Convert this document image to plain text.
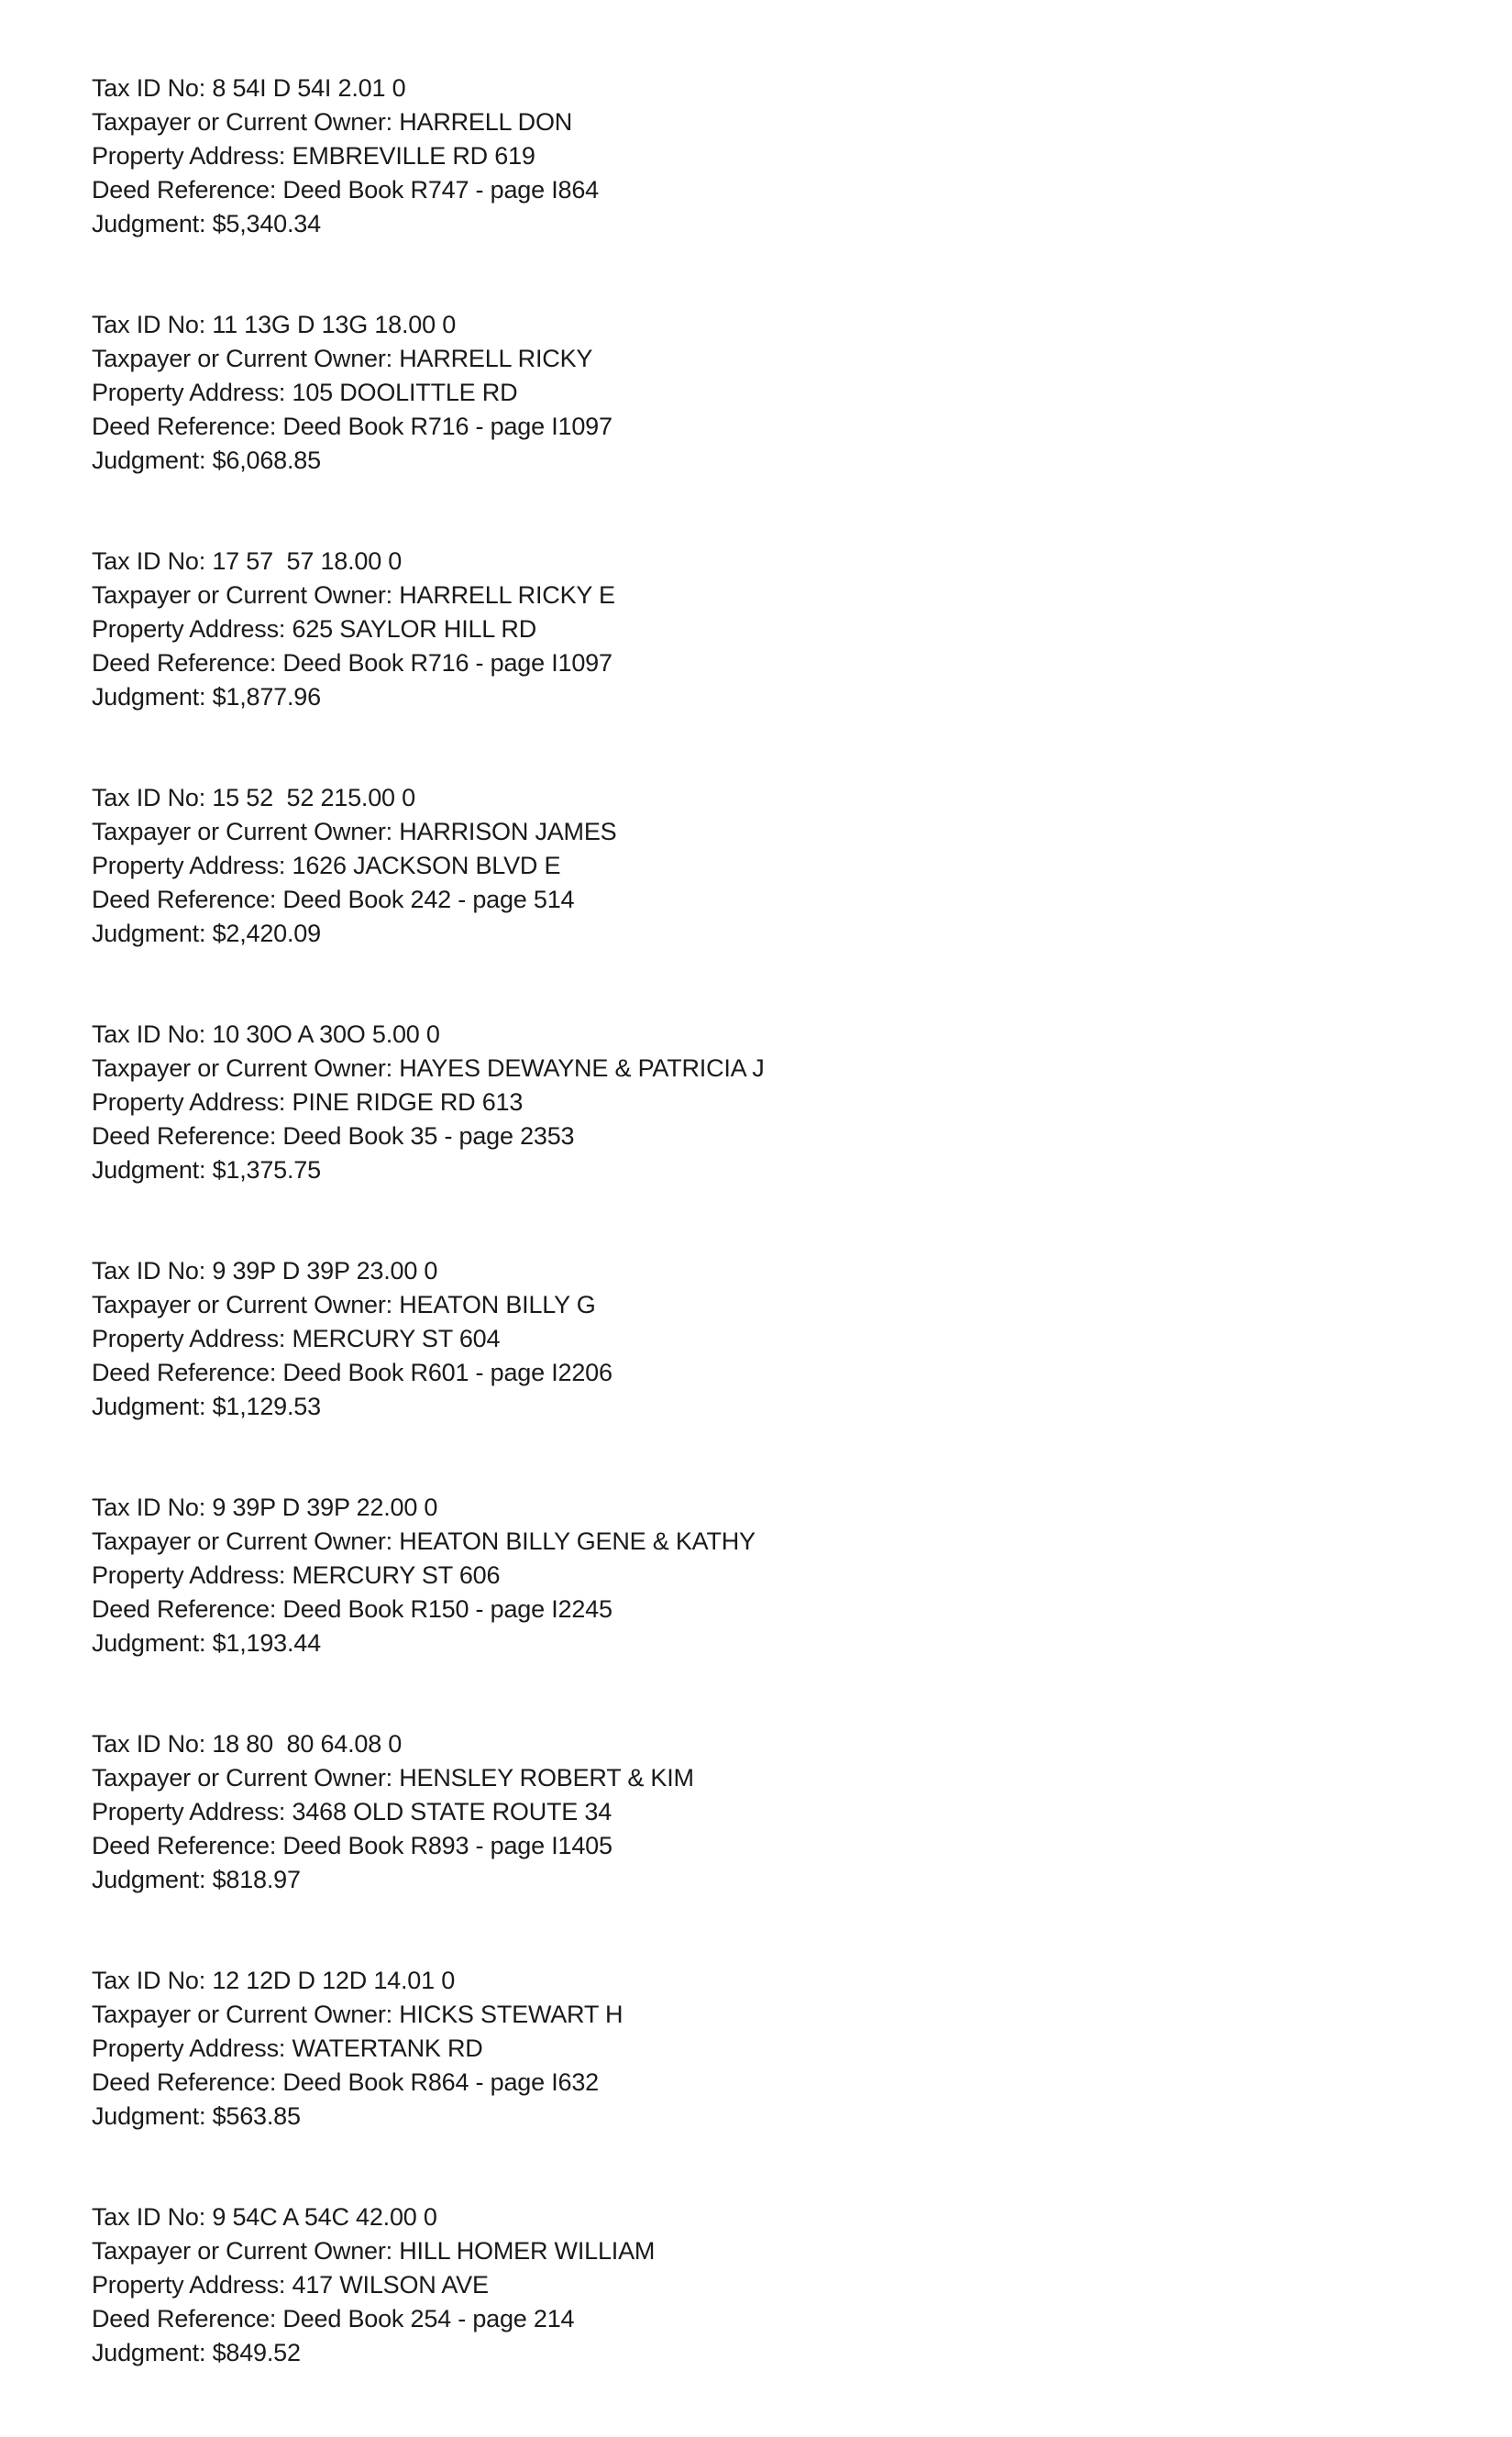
Tax ID No: 8 54I D 54I 2.01 0
Taxpayer or Current Owner: HARRELL DON
Property Address: EMBREVILLE RD 619
Deed Reference: Deed Book R747 - page I864
Judgment: $5,340.34
Tax ID No: 11 13G D 13G 18.00 0
Taxpayer or Current Owner: HARRELL RICKY
Property Address: 105 DOOLITTLE RD
Deed Reference: Deed Book R716 - page I1097
Judgment: $6,068.85
Tax ID No: 17 57  57 18.00 0
Taxpayer or Current Owner: HARRELL RICKY E
Property Address: 625 SAYLOR HILL RD
Deed Reference: Deed Book R716 - page I1097
Judgment: $1,877.96
Tax ID No: 15 52  52 215.00 0
Taxpayer or Current Owner: HARRISON JAMES
Property Address: 1626 JACKSON BLVD E
Deed Reference: Deed Book 242 - page 514
Judgment: $2,420.09
Tax ID No: 10 30O A 30O 5.00 0
Taxpayer or Current Owner: HAYES DEWAYNE & PATRICIA J
Property Address: PINE RIDGE RD 613
Deed Reference: Deed Book 35 - page 2353
Judgment: $1,375.75
Tax ID No: 9 39P D 39P 23.00 0
Taxpayer or Current Owner: HEATON BILLY G
Property Address: MERCURY ST 604
Deed Reference: Deed Book R601 - page I2206
Judgment: $1,129.53
Tax ID No: 9 39P D 39P 22.00 0
Taxpayer or Current Owner: HEATON BILLY GENE & KATHY
Property Address: MERCURY ST 606
Deed Reference: Deed Book R150 - page I2245
Judgment: $1,193.44
Tax ID No: 18 80  80 64.08 0
Taxpayer or Current Owner: HENSLEY ROBERT & KIM
Property Address: 3468 OLD STATE ROUTE 34
Deed Reference: Deed Book R893 - page I1405
Judgment: $818.97
Tax ID No: 12 12D D 12D 14.01 0
Taxpayer or Current Owner: HICKS STEWART H
Property Address: WATERTANK RD
Deed Reference: Deed Book R864 - page I632
Judgment: $563.85
Tax ID No: 9 54C A 54C 42.00 0
Taxpayer or Current Owner: HILL HOMER WILLIAM
Property Address: 417 WILSON AVE
Deed Reference: Deed Book 254 - page 214
Judgment: $849.52
